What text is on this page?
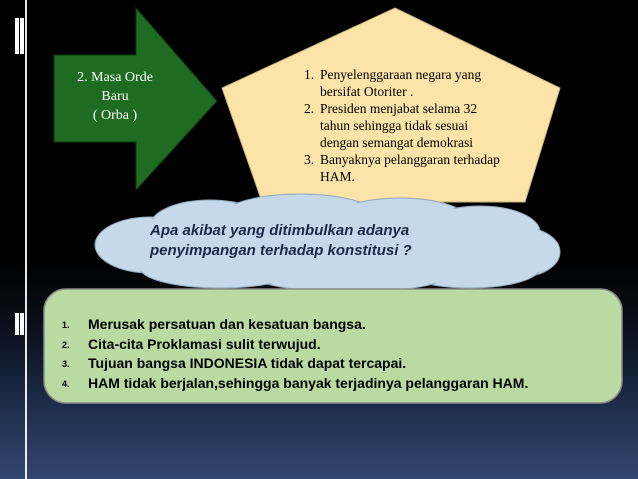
2. Masa Orde
Baru
( Orba )
1. Penyelenggaraan negara yang
bersifat Otoriter .
2. Presiden menjabat selama 32
tahun sehingga tidak sesuai
dengan semangat demokrasi
3. Banyaknya pelanggaran terhadap
HAM.
Apa akibat yang ditimbulkan adanya
penyimpangan terhadap konstitusi ?
1. Merusak persatuan dan kesatuan bangsa.
2. Cita-cita Proklamasi sulit terwujud.
3. Tujuan bangsa INDONESIA tidak dapat tercapai.
4. HAM tidak berjalan,sehingga banyak terjadinya pelanggaran HAM.
